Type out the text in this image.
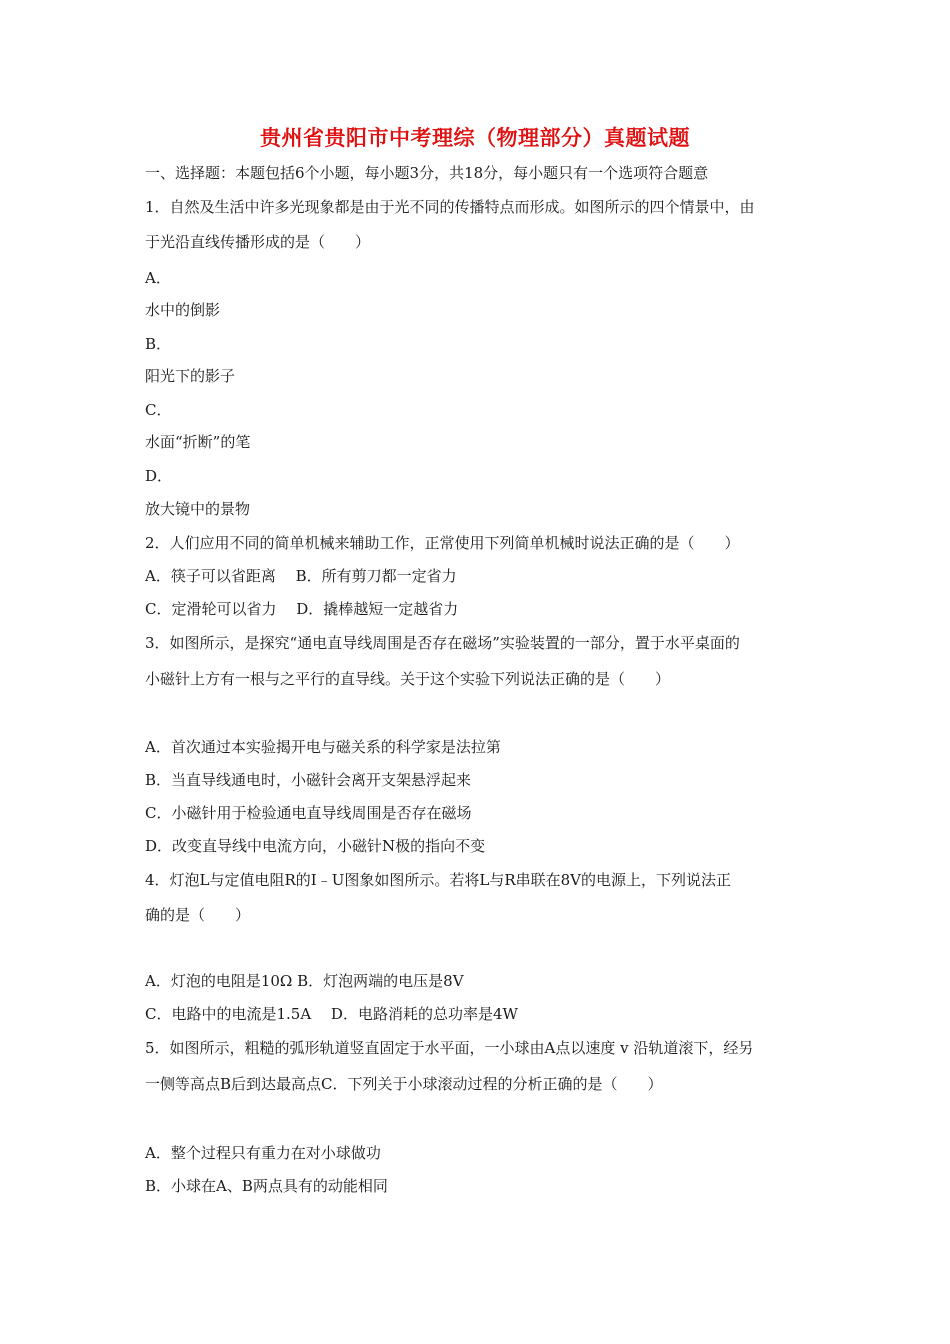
贵州省贵阳市中考理综（物理部分）真题试题
一、选择题：本题包括6个小题，每小题3分，共18分，每小题只有一个选项符合题意
1．自然及生活中许多光现象都是由于光不同的传播特点而形成。如图所示的四个情景中，由
于光沿直线传播形成的是（　　）
A．
水中的倒影
B．
阳光下的影子
C．
水面“折断”的笔
D．
放大镜中的景物
2．人们应用不同的简单机械来辅助工作，正常使用下列简单机械时说法正确的是（　　）
A．筷子可以省距离　 B．所有剪刀都一定省力
C．定滑轮可以省力　 D．撬棒越短一定越省力
3．如图所示，是探究“通电直导线周围是否存在磁场”实验装置的一部分，置于水平桌面的
小磁针上方有一根与之平行的直导线。关于这个实验下列说法正确的是（　　）
A．首次通过本实验揭开电与磁关系的科学家是法拉第
B．当直导线通电时，小磁针会离开支架悬浮起来
C．小磁针用于检验通电直导线周围是否存在磁场
D．改变直导线中电流方向，小磁针N极的指向不变
4．灯泡L与定值电阻R的I﹣U图象如图所示。若将L与R串联在8V的电源上，下列说法正
确的是（　　）
A．灯泡的电阻是10Ω B．灯泡两端的电压是8V
C．电路中的电流是1.5A　 D．电路消耗的总功率是4W
5．如图所示，粗糙的弧形轨道竖直固定于水平面，一小球由A点以速度 v 沿轨道滚下，经另
一侧等高点B后到达最高点C．下列关于小球滚动过程的分析正确的是（　　）
A．整个过程只有重力在对小球做功
B．小球在A、B两点具有的动能相同
